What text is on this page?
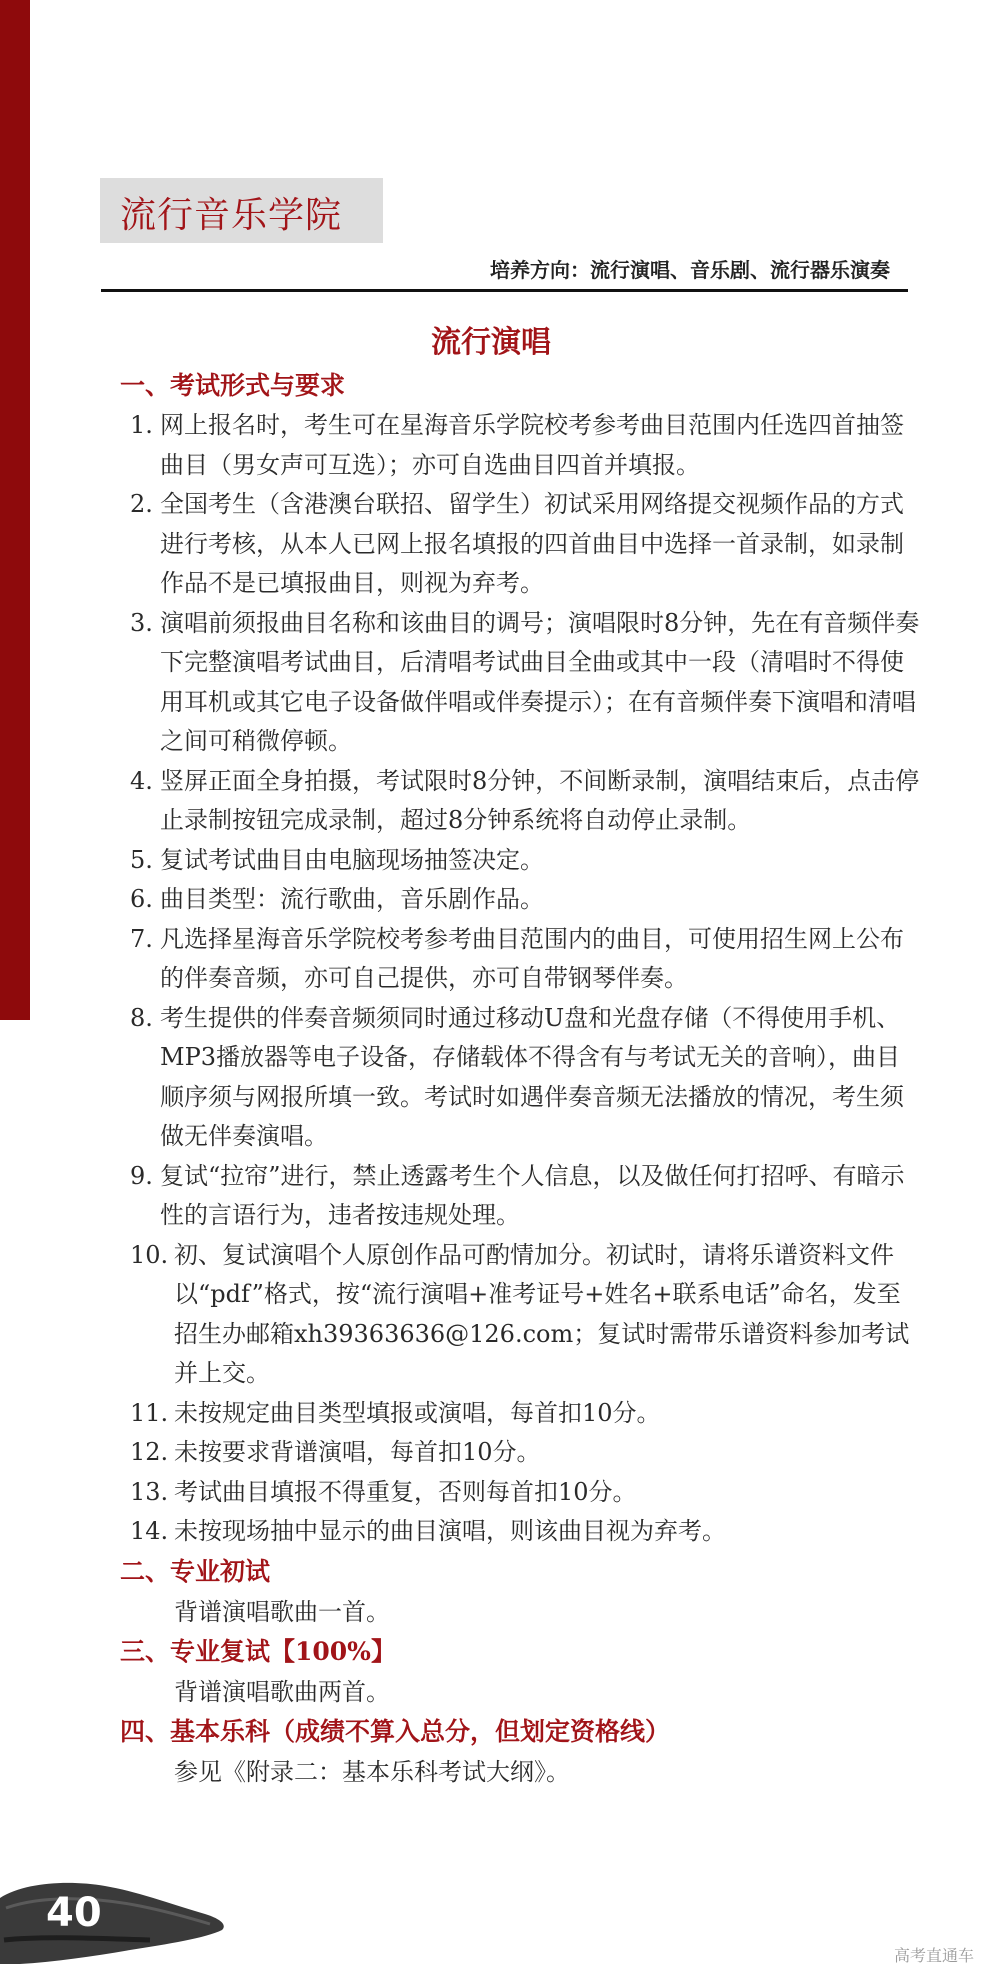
流行音乐学院
培养方向：流行演唱、音乐剧、流行器乐演奏
流行演唱
一、考试形式与要求
1. 网上报名时，考生可在星海音乐学院校考参考曲目范围内任选四首抽签曲目（男女声可互选）；亦可自选曲目四首并填报。
2. 全国考生（含港澳台联招、留学生）初试采用网络提交视频作品的方式进行考核，从本人已网上报名填报的四首曲目中选择一首录制，如录制作品不是已填报曲目，则视为弃考。
3. 演唱前须报曲目名称和该曲目的调号；演唱限时8分钟，先在有音频伴奏下完整演唱考试曲目，后清唱考试曲目全曲或其中一段（清唱时不得使用耳机或其它电子设备做伴唱或伴奏提示）；在有音频伴奏下演唱和清唱之间可稍微停顿。
4. 竖屏正面全身拍摄，考试限时8分钟，不间断录制，演唱结束后，点击停止录制按钮完成录制，超过8分钟系统将自动停止录制。
5. 复试考试曲目由电脑现场抽签决定。
6. 曲目类型：流行歌曲，音乐剧作品。
7. 凡选择星海音乐学院校考参考曲目范围内的曲目，可使用招生网上公布的伴奏音频，亦可自己提供，亦可自带钢琴伴奏。
8. 考生提供的伴奏音频须同时通过移动U盘和光盘存储（不得使用手机、MP3播放器等电子设备，存储载体不得含有与考试无关的音响），曲目顺序须与网报所填一致。考试时如遇伴奏音频无法播放的情况，考生须做无伴奏演唱。
9. 复试“拉帘”进行，禁止透露考生个人信息，以及做任何打招呼、有暗示性的言语行为，违者按违规处理。
10. 初、复试演唱个人原创作品可酌情加分。初试时，请将乐谱资料文件以“pdf”格式，按“流行演唱+准考证号+姓名+联系电话”命名，发至招生办邮箱xh39363636@126.com；复试时需带乐谱资料参加考试并上交。
11. 未按规定曲目类型填报或演唱，每首扣10分。
12. 未按要求背谱演唱，每首扣10分。
13. 考试曲目填报不得重复，否则每首扣10分。
14. 未按现场抽中显示的曲目演唱，则该曲目视为弃考。
二、专业初试
背谱演唱歌曲一首。
三、专业复试【100%】
背谱演唱歌曲两首。
四、基本乐科（成绩不算入总分，但划定资格线）
参见《附录二：基本乐科考试大纲》。
40
高考直通车
